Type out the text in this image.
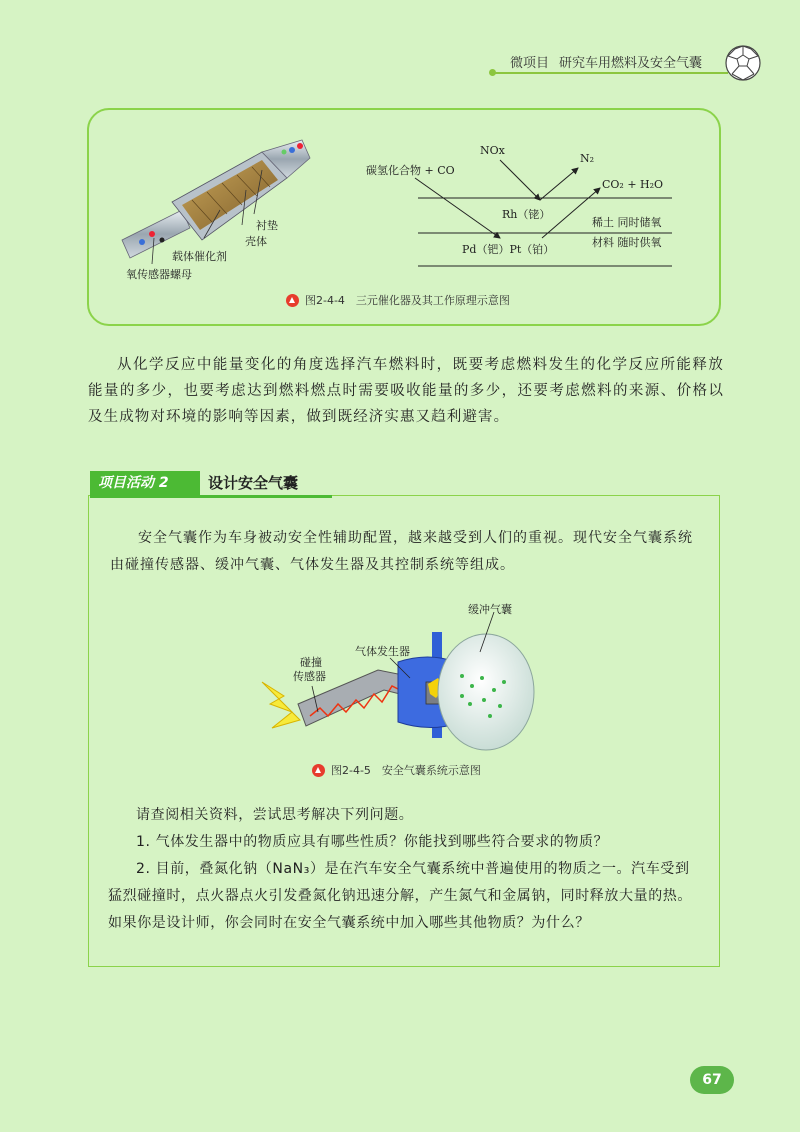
微项目 研究车用燃料及安全气囊
衬垫
壳体
载体催化剂
氧传感器螺母
碳氢化合物 + CO
NOx
N₂
CO₂ + H₂O
Rh（铑）
Pd（钯）Pt（铂）
稀土 同时储氧
材料 随时供氧
图2-4-4　三元催化器及其工作原理示意图
从化学反应中能量变化的角度选择汽车燃料时，既要考虑燃料发生的化学反应所能释放能量的多少，也要考虑达到燃料燃点时需要吸收能量的多少，还要考虑燃料的来源、价格以及生成物对环境的影响等因素，做到既经济实惠又趋利避害。
项目活动 2	设计安全气囊
安全气囊作为车身被动安全性辅助配置，越来越受到人们的重视。现代安全气囊系统由碰撞传感器、缓冲气囊、气体发生器及其控制系统等组成。
缓冲气囊
气体发生器
碰撞
传感器
图2-4-5　安全气囊系统示意图
请查阅相关资料，尝试思考解决下列问题。
1. 气体发生器中的物质应具有哪些性质？你能找到哪些符合要求的物质？
2. 目前，叠氮化钠（NaN₃）是在汽车安全气囊系统中普遍使用的物质之一。汽车受到
猛烈碰撞时，点火器点火引发叠氮化钠迅速分解，产生氮气和金属钠，同时释放大量的热。
如果你是设计师，你会同时在安全气囊系统中加入哪些其他物质？为什么？
67
